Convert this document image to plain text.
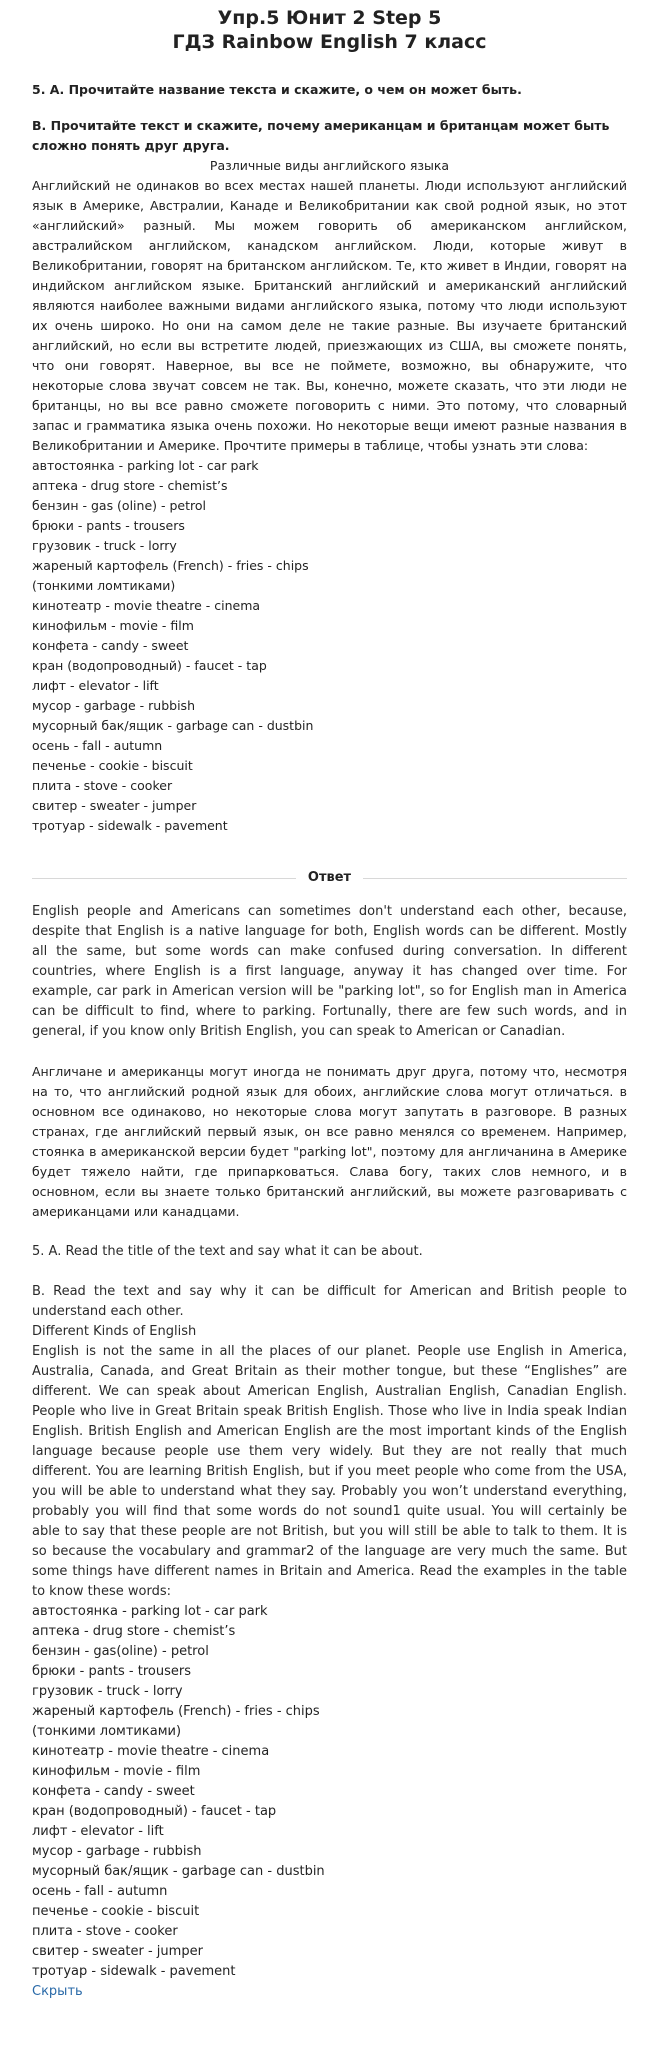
Упр.5 Юнит 2 Step 5
ГДЗ Rainbow English 7 класс

5. А. Прочитайте название текста и скажите, о чем он может быть.

В. Прочитайте текст и скажите, почему американцам и британцам может быть сложно понять друг друга.

Различные виды английского языка

Английский не одинаков во всех местах нашей планеты. Люди используют английский язык в Америке, Австралии, Канаде и Великобритании как свой родной язык, но этот «английский» разный. Мы можем говорить об американском английском, австралийском английском, канадском английском. Люди, которые живут в Великобритании, говорят на британском английском. Те, кто живет в Индии, говорят на индийском английском языке. Британский английский и американский английский являются наиболее важными видами английского языка, потому что люди используют их очень широко. Но они на самом деле не такие разные. Вы изучаете британский английский, но если вы встретите людей, приезжающих из США, вы сможете понять, что они говорят. Наверное, вы все не поймете, возможно, вы обнаружите, что некоторые слова звучат совсем не так. Вы, конечно, можете сказать, что эти люди не британцы, но вы все равно сможете поговорить с ними. Это потому, что словарный запас и грамматика языка очень похожи. Но некоторые вещи имеют разные названия в Великобритании и Америке. Прочтите примеры в таблице, чтобы узнать эти слова:

автостоянка - parking lot - car park
аптека - drug store - chemist’s
бензин - gas (oline) - petrol
брюки - pants - trousers
грузовик - truck - lorry
жареный картофель (French) - fries - chips
(тонкими ломтиками)
кинотеатр - movie theatre - cinema
кинофильм - movie - film
конфета - candy - sweet
кран (водопроводный) - faucet - tap
лифт - elevator - lift
мусор - garbage - rubbish
мусорный бак/ящик - garbage can - dustbin
осень - fall - autumn
печенье - cookie - biscuit
плита - stove - cooker
свитер - sweater - jumper
тротуар - sidewalk - pavement
Ответ

English people and Americans can sometimes don't understand each other, because, despite that English is a native language for both, English words can be different. Mostly all the same, but some words can make confused during conversation. In different countries, where English is a first language, anyway it has changed over time. For example, car park in American version will be "parking lot", so for English man in America can be difficult to find, where to parking. Fortunally, there are few such words, and in general, if you know only British English, you can speak to American or Canadian.

Англичане и американцы могут иногда не понимать друг друга, потому что, несмотря на то, что английский родной язык для обоих, английские слова могут отличаться. в основном все одинаково, но некоторые слова могут запутать в разговоре. В разных странах, где английский первый язык, он все равно менялся со временем. Например, стоянка в американской версии будет "parking lot", поэтому для англичанина в Америке будет тяжело найти, где припарковаться. Слава богу, таких слов немного, и в основном, если вы знаете только британский английский, вы можете разговаривать с американцами или канадцами.

5. A. Read the title of the text and say what it can be about.

B. Read the text and say why it can be difficult for American and British people to understand each other.

Different Kinds of English

English is not the same in all the places of our planet. People use English in America, Australia, Canada, and Great Britain as their mother tongue, but these “Englishes” are different. We can speak about American English, Australian English, Canadian English. People who live in Great Britain speak British English. Those who live in India speak Indian English. British English and American English are the most important kinds of the English language because people use them very widely. But they are not really that much different. You are learning British English, but if you meet people who come from the USA, you will be able to understand what they say. Probably you won’t understand everything, probably you will find that some words do not sound1 quite usual. You will certainly be able to say that these people are not British, but you will still be able to talk to them. It is so because the vocabulary and grammar2 of the language are very much the same. But some things have different names in Britain and America. Read the examples in the table to know these words:

автостоянка - parking lot - car park
аптека - drug store - chemist’s
бензин - gas(oline) - petrol
брюки - pants - trousers
грузовик - truck - lorry
жареный картофель (French) - fries - chips
(тонкими ломтиками)
кинотеатр - movie theatre - cinema
кинофильм - movie - film
конфета - candy - sweet
кран (водопроводный) - faucet - tap
лифт - elevator - lift
мусор - garbage - rubbish
мусорный бак/ящик - garbage can - dustbin
осень - fall - autumn
печенье - cookie - biscuit
плита - stove - cooker
свитер - sweater - jumper
тротуар - sidewalk - pavement
Скрыть
